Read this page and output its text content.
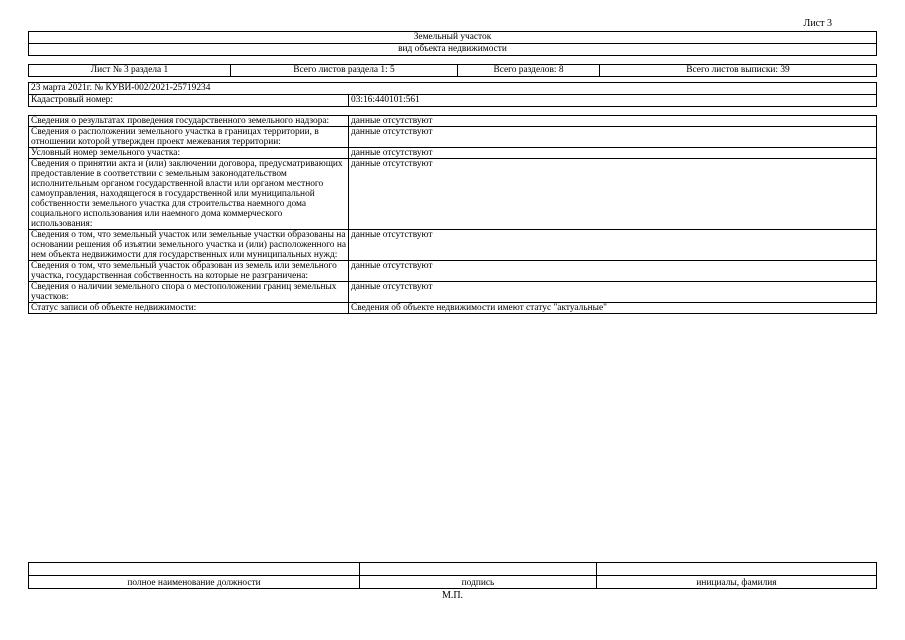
Лист 3
Земельный участок
вид объекта недвижимости
Лист № 3 раздела 1	Всего листов раздела 1: 5	Всего разделов: 8	Всего листов выписки: 39
23 марта 2021г. № КУВИ-002/2021-25719234
Кадастровый номер:	03:16:440101:561
Сведения о результатах проведения государственного земельного надзора:	данные отсутствуют
Сведения о расположении земельного участка в границах территории, в отношении которой утвержден проект межевания территории:	данные отсутствуют
Условный номер земельного участка:	данные отсутствуют
Сведения о принятии акта и (или) заключении договора, предусматривающих предоставление в соответствии с земельным законодательством исполнительным органом государственной власти или органом местного самоуправления, находящегося в государственной или муниципальной собственности земельного участка для строительства наемного дома социального использования или наемного дома коммерческого использования:	данные отсутствуют
Сведения о том, что земельный участок или земельные участки образованы на основании решения об изъятии земельного участка и (или) расположенного на нем объекта недвижимости для государственных или муниципальных нужд:	данные отсутствуют
Сведения о том, что земельный участок образован из земель или земельного участка, государственная собственность на которые не разграничена:	данные отсутствуют
Сведения о наличии земельного спора о местоположении границ земельных участков:	данные отсутствуют
Статус записи об объекте недвижимости:	Сведения об объекте недвижимости имеют статус "актуальные"

полное наименование должности	подпись	инициалы, фамилия
М.П.
